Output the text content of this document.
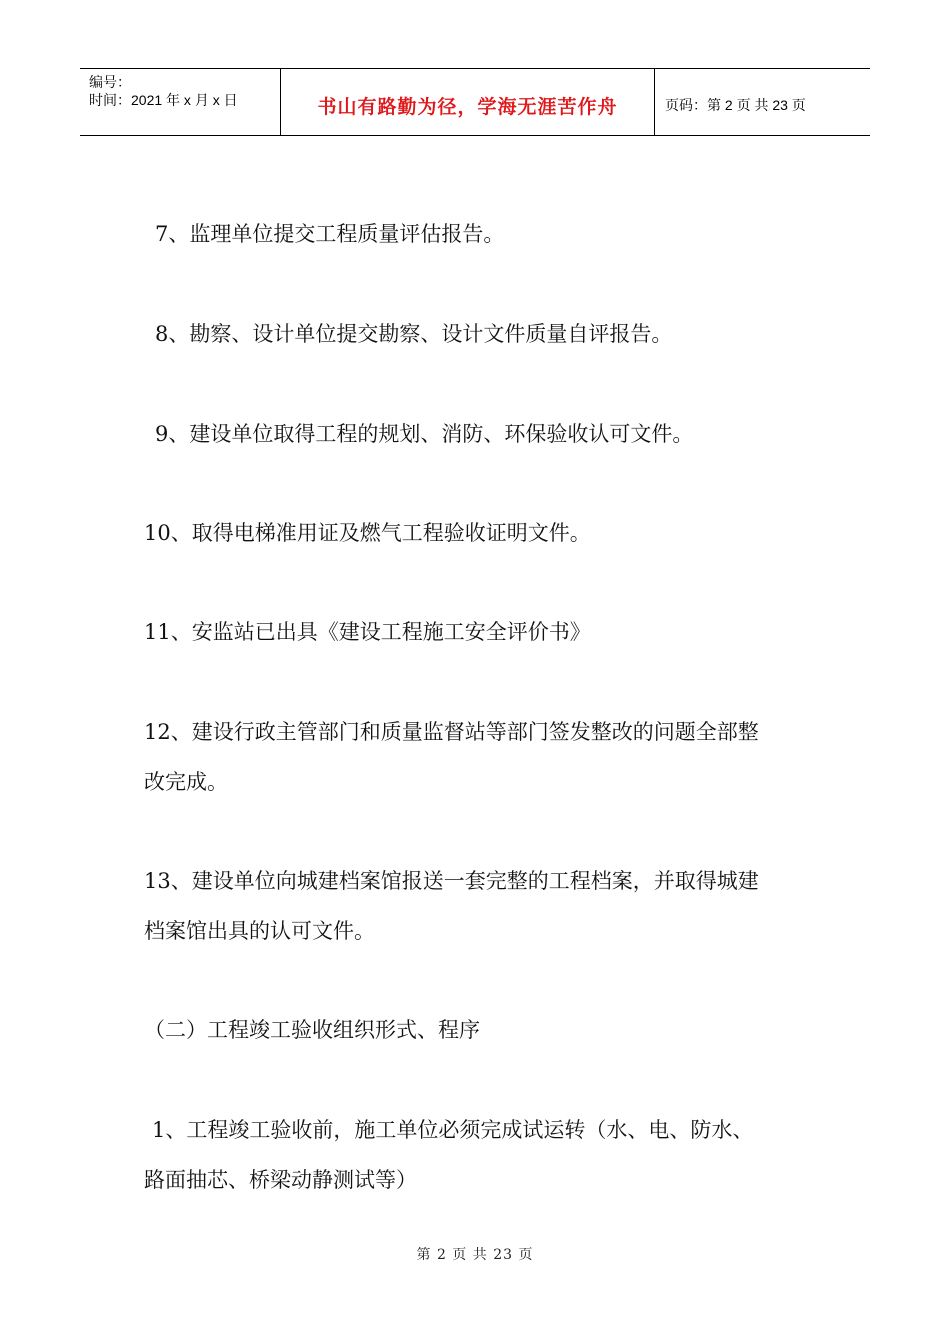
编号：
时间：2021 年 x 月 x 日	书山有路勤为径，学海无涯苦作舟	页码：第 2 页 共 23 页
7、监理单位提交工程质量评估报告。
8、勘察、设计单位提交勘察、设计文件质量自评报告。
9、建设单位取得工程的规划、消防、环保验收认可文件。
10、取得电梯准用证及燃气工程验收证明文件。
11、安监站已出具《建设工程施工安全评价书》
12、建设行政主管部门和质量监督站等部门签发整改的问题全部整
改完成。
13、建设单位向城建档案馆报送一套完整的工程档案，并取得城建
档案馆出具的认可文件。
（二）工程竣工验收组织形式、程序
1、工程竣工验收前，施工单位必须完成试运转（水、电、防水、
路面抽芯、桥梁动静测试等）
第 2 页 共 23 页
